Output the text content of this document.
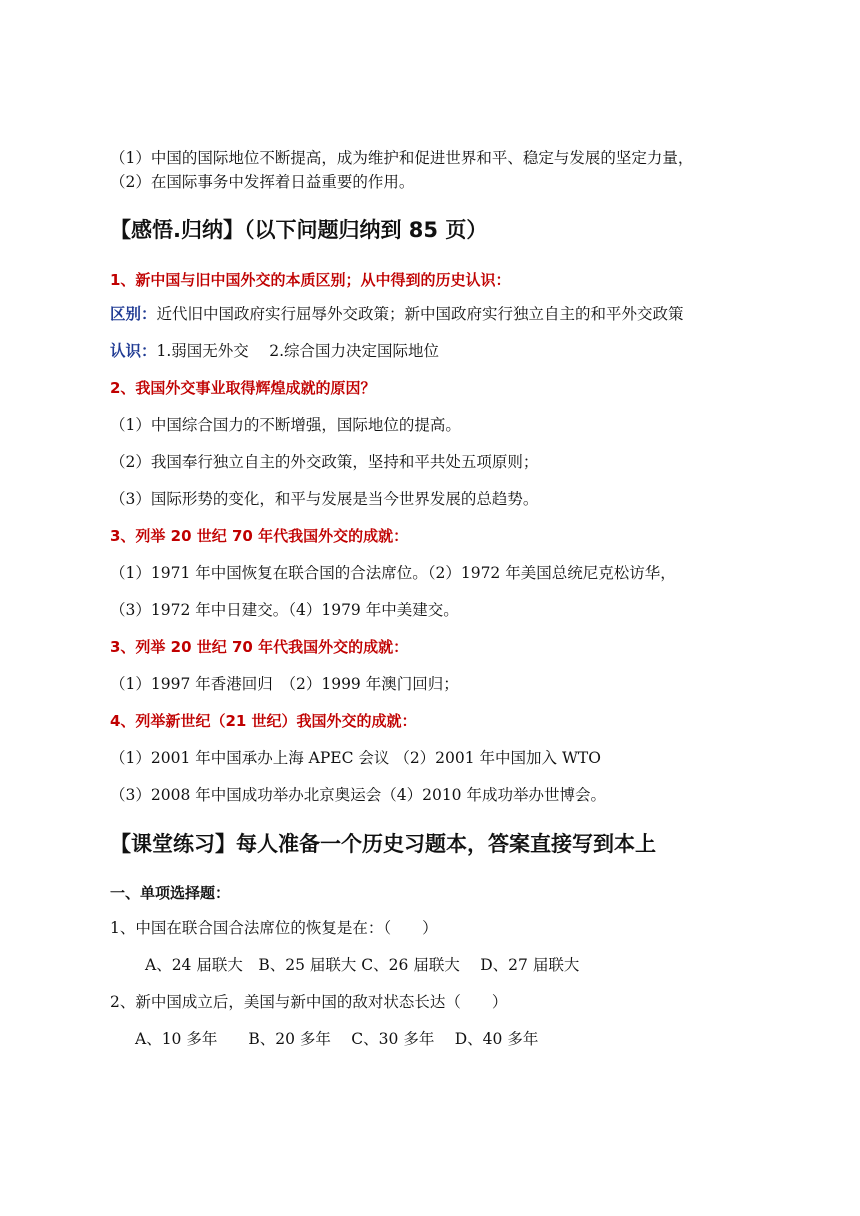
（1）中国的国际地位不断提高，成为维护和促进世界和平、稳定与发展的坚定力量，
（2）在国际事务中发挥着日益重要的作用。
【感悟.归纳】（以下问题归纳到 85 页）
1、新中国与旧中国外交的本质区别；从中得到的历史认识：
区别：近代旧中国政府实行屈辱外交政策；新中国政府实行独立自主的和平外交政策
认识：1.弱国无外交　 2.综合国力决定国际地位
2、我国外交事业取得辉煌成就的原因？
（1）中国综合国力的不断增强，国际地位的提高。
（2）我国奉行独立自主的外交政策，坚持和平共处五项原则；
（3）国际形势的变化，和平与发展是当今世界发展的总趋势。
3、列举 20 世纪 70 年代我国外交的成就：
（1）1971 年中国恢复在联合国的合法席位。（2）1972 年美国总统尼克松访华，
（3）1972 年中日建交。（4）1979 年中美建交。
3、列举 20 世纪 70 年代我国外交的成就：
（1）1997 年香港回归　（2）1999 年澳门回归；
4、列举新世纪（21 世纪）我国外交的成就：
（1）2001 年中国承办上海 APEC 会议 （2）2001 年中国加入 WTO
（3）2008 年中国成功举办北京奥运会（4）2010 年成功举办世博会。
【课堂练习】每人准备一个历史习题本，答案直接写到本上
一、单项选择题：
1、中国在联合国合法席位的恢复是在：（　　）
A、24 届联大　B、25 届联大 C、26 届联大　 D、27 届联大
2、新中国成立后，美国与新中国的敌对状态长达（　　）
A、10 多年　　B、20 多年　 C、30 多年　 D、40 多年
